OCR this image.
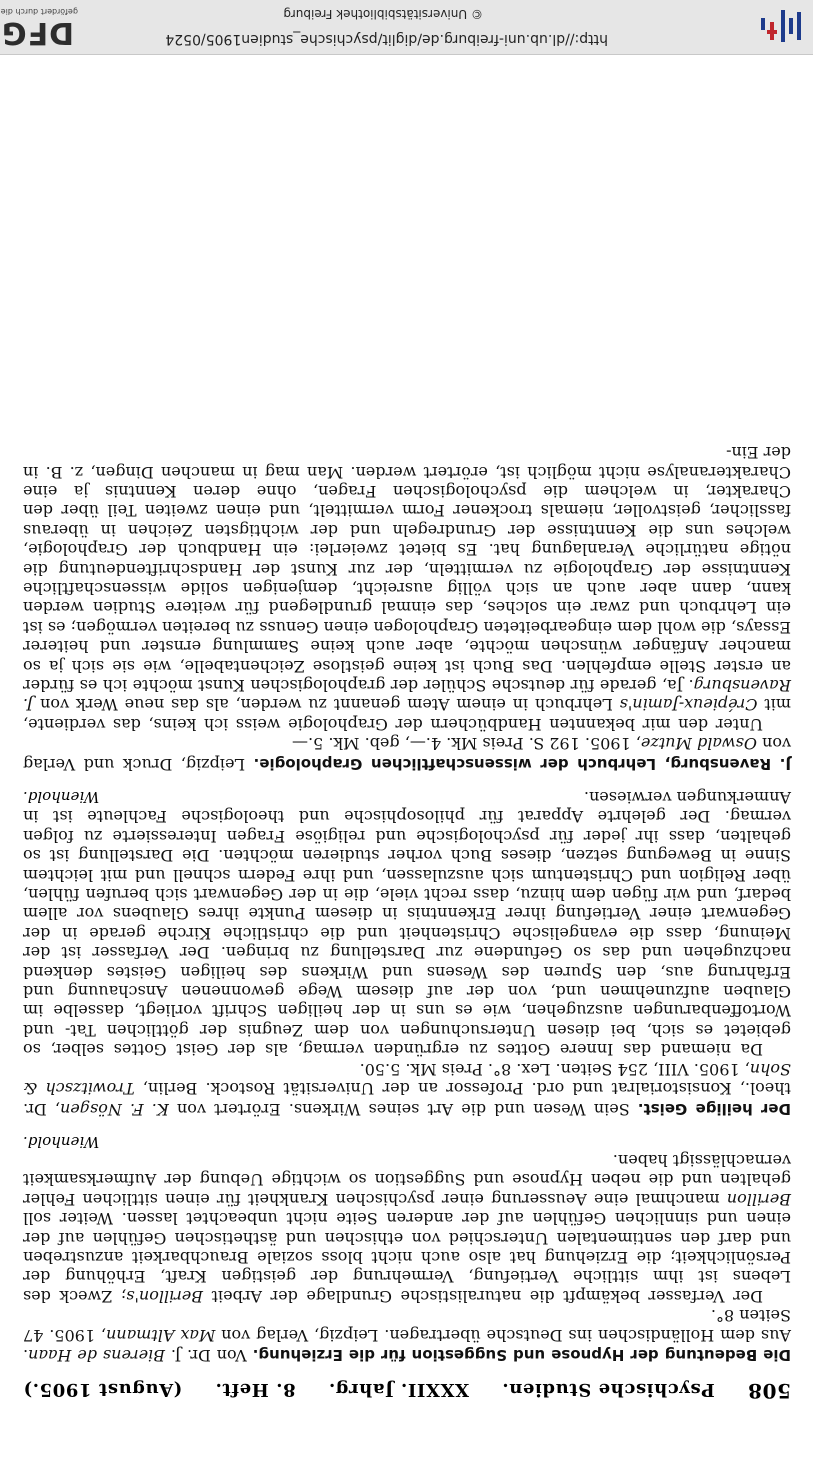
508
Psychische Studien.
XXXII. Jahrg.
8. Heft.
(August 1905.)
Die Bedeutung der Hypnose und Suggestion für die Erziehung. Von Dr. J. Bierens de Haan. Aus dem Holländischen ins Deutsche übertragen. Leipzig, Verlag von Max Altmann, 1905. 47 Seiten 8°.
Der Verfasser bekämpft die naturalistische Grundlage der Arbeit Berillon's; Zweck des Lebens ist ihm sittliche Vertiefung, Vermehrung der geistigen Kraft, Erhöhung der Persönlichkeit; die Erziehung hat also auch nicht bloss soziale Brauchbarkeit anzustreben und darf den sentimentalen Unterschied von ethischen und ästhetischen Gefühlen auf der einen und sinnlichen Gefühlen auf der anderen Seite nicht unbeachtet lassen. Weiter soll Berillon manchmal eine Aeusserung einer psychischen Krankheit für einen sittlichen Fehler gehalten und die neben Hypnose und Suggestion so wichtige Uebung der Aufmerksamkeit vernachlässigt haben.
Wienhold.
Der heilige Geist. Sein Wesen und die Art seines Wirkens. Erörtert von K. F. Nösgen, Dr. theol., Konsistorialrat und ord. Professor an der Universität Rostock. Berlin, Trowitzsch & Sohn, 1905. VIII, 254 Seiten. Lex. 8°. Preis Mk. 5.50.
Da niemand das Innere Gottes zu ergründen vermag, als der Geist Gottes selber, so gebietet es sich, bei diesen Untersuchungen von dem Zeugnis der göttlichen Tat- und Wortoffenbarungen auszugehen, wie es uns in der heiligen Schrift vorliegt, dasselbe im Glauben aufzunehmen und, von der auf diesem Wege gewonnenen Anschauung und Erfahrung aus, den Spuren des Wesens und Wirkens des heiligen Geistes denkend nachzugehen und das so Gefundene zur Darstellung zu bringen. Der Verfasser ist der Meinung, dass die evangelische Christenheit und die christliche Kirche gerade in der Gegenwart einer Vertiefung ihrer Erkenntnis in diesem Punkte ihres Glaubens vor allem bedarf, und wir fügen dem hinzu, dass recht viele, die in der Gegenwart sich berufen fühlen, über Religion und Christentum sich auszulassen, und ihre Federn schnell und mit leichtem Sinne in Bewegung setzen, dieses Buch vorher studieren möchten. Die Darstellung ist so gehalten, dass ihr jeder für psychologische und religiöse Fragen Interessierte zu folgen vermag. Der gelehrte Apparat für philosophische und theologische Fachleute ist in Anmerkungen verwiesen.
Wienhold.
J. Ravensburg, Lehrbuch der wissenschaftlichen Graphologie. Leipzig, Druck und Verlag von Oswald Mutze, 1905. 192 S. Preis Mk. 4.—, geb. Mk. 5.—
Unter den mir bekannten Handbüchern der Graphologie weiss ich keins, das verdiente, mit Crépieux-Jamin's Lehrbuch in einem Atem genannt zu werden, als das neue Werk von J. Ravensburg. Ja, gerade für deutsche Schüler der graphologischen Kunst möchte ich es fürder an erster Stelle empfehlen. Das Buch ist keine geistlose Zeichentabelle, wie sie sich ja so mancher Anfänger wünschen möchte, aber auch keine Sammlung ernster und heiterer Essays, die wohl dem eingearbeiteten Graphologen einen Genuss zu bereiten vermögen; es ist ein Lehrbuch und zwar ein solches, das einmal grundlegend für weitere Studien werden kann, dann aber auch an sich völlig ausreicht, demjenigen solide wissenschaftliche Kenntnisse der Graphologie zu vermitteln, der zur Kunst der Handschriftendeutung die nötige natürliche Veranlagung hat. Es bietet zweierlei: ein Handbuch der Graphologie, welches uns die Kenntnisse der Grundregeln und der wichtigsten Zeichen in überaus fasslicher, geistvoller, niemals trockener Form vermittelt, und einen zweiten Teil über den Charakter, in welchem die psychologischen Fragen, ohne deren Kenntnis ja eine Charakteranalyse nicht möglich ist, erörtert werden. Man mag in manchen Dingen, z. B. in der Ein-
DFG
gefördert durch die
http://dl.ub.uni-freiburg.de/diglit/psychische_studien1905/0524
© Universitätsbibliothek Freiburg
